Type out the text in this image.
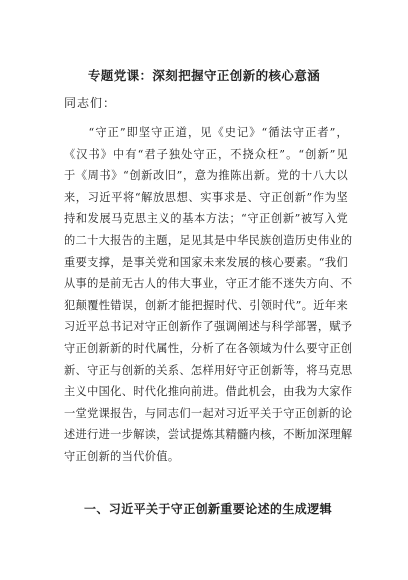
专题党课：深刻把握守正创新的核心意涵
同志们：
　　“守正”即坚守正道，见《史记》“循法守正者”，
《汉书》中有“君子独处守正，不挠众枉”。“创新”见
于《周书》“创新改旧”，意为推陈出新。党的十八大以
来，习近平将“解放思想、实事求是、守正创新”作为坚
持和发展马克思主义的基本方法；“守正创新”被写入党
的二十大报告的主题，足见其是中华民族创造历史伟业的
重要支撑，是事关党和国家未来发展的核心要素。“我们
从事的是前无古人的伟大事业，守正才能不迷失方向、不
犯颠覆性错误，创新才能把握时代、引领时代”。近年来
习近平总书记对守正创新作了强调阐述与科学部署，赋予
守正创新新的时代属性，分析了在各领域为什么要守正创
新、守正与创新的关系、怎样用好守正创新等，将马克思
主义中国化、时代化推向前进。借此机会，由我为大家作
一堂党课报告，与同志们一起对习近平关于守正创新的论
述进行进一步解读，尝试提炼其精髓内核，不断加深理解
守正创新的当代价值。
一、习近平关于守正创新重要论述的生成逻辑
